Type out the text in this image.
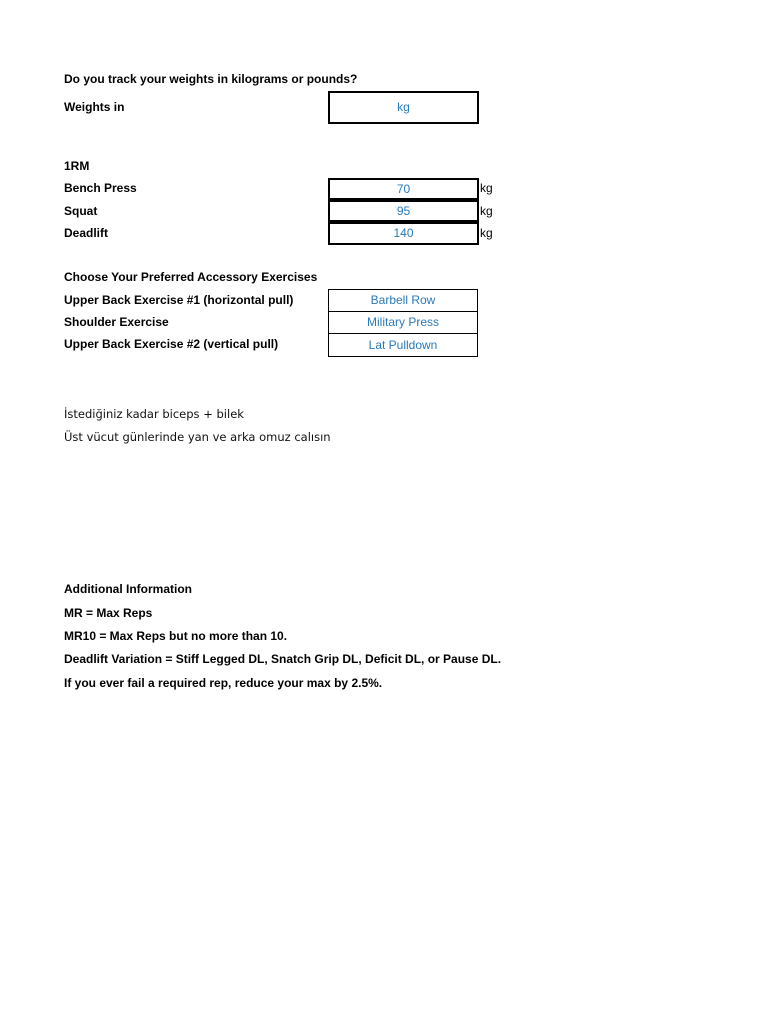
Do you track your weights in kilograms or pounds?
Weights in	kg
1RM
Bench Press	70	kg
Squat	95	kg
Deadlift	140	kg
Choose Your Preferred Accessory Exercises
Upper Back Exercise #1 (horizontal pull)	Barbell Row
Shoulder Exercise	Military Press
Upper Back Exercise #2 (vertical pull)	Lat Pulldown
İstediğiniz kadar biceps + bilek
Üst vücut günlerinde yan ve arka omuz calısın
Additional Information
MR = Max Reps
MR10 = Max Reps but no more than 10.
Deadlift Variation = Stiff Legged DL, Snatch Grip DL, Deficit DL, or Pause DL.
If you ever fail a required rep, reduce your max by 2.5%.
